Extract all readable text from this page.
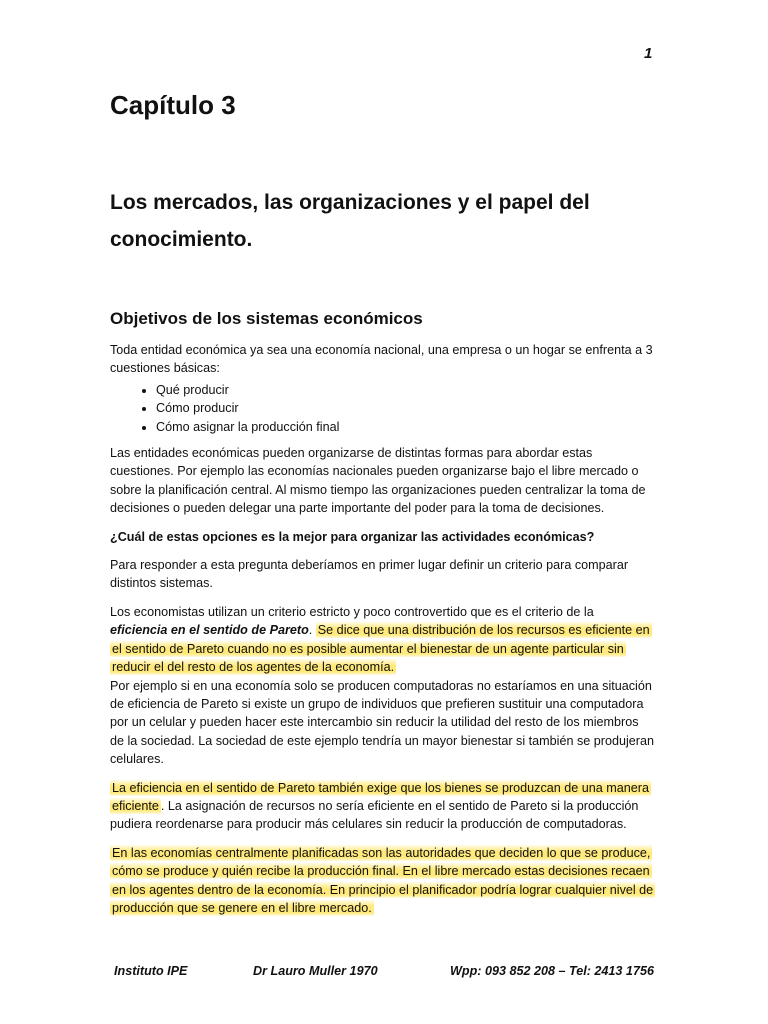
1
Capítulo 3
Los mercados, las organizaciones y el papel del conocimiento.
Objetivos de los sistemas económicos

Toda entidad económica ya sea una economía nacional, una empresa o un hogar se enfrenta a 3 cuestiones básicas:

• Qué producir
• Cómo producir
• Cómo asignar la producción final

Las entidades económicas pueden organizarse de distintas formas para abordar estas cuestiones. Por ejemplo las economías nacionales pueden organizarse bajo el libre mercado o sobre la planificación central. Al mismo tiempo las organizaciones pueden centralizar la toma de decisiones o pueden delegar una parte importante del poder para la toma de decisiones.

¿Cuál de estas opciones es la mejor para organizar las actividades económicas?

Para responder a esta pregunta deberíamos en primer lugar definir un criterio para comparar distintos sistemas.

Los economistas utilizan un criterio estricto y poco controvertido que es el criterio de la eficiencia en el sentido de Pareto. Se dice que una distribución de los recursos es eficiente en el sentido de Pareto cuando no es posible aumentar el bienestar de un agente particular sin reducir el del resto de los agentes de la economía.

Por ejemplo si en una economía solo se producen computadoras no estaríamos en una situación de eficiencia de Pareto si existe un grupo de individuos que prefieren sustituir una computadora por un celular y pueden hacer este intercambio sin reducir la utilidad del resto de los miembros de la sociedad. La sociedad de este ejemplo tendría un mayor bienestar si también se produjeran celulares.

La eficiencia en el sentido de Pareto también exige que los bienes se produzcan de una manera eficiente . La asignación de recursos no sería eficiente en el sentido de Pareto si la producción pudiera reordenarse para producir más celulares sin reducir la producción de computadoras.

En las economías centralmente planificadas son las autoridades que deciden lo que se produce, cómo se produce y quién recibe la producción final. En el libre mercado estas decisiones recaen en los agentes dentro de la economía. En principio el planificador podría lograr cualquier nivel de producción que se genere en el libre mercado.

Instituto IPE	Dr Lauro Muller 1970	Wpp: 093 852 208 – Tel: 2413 1756
